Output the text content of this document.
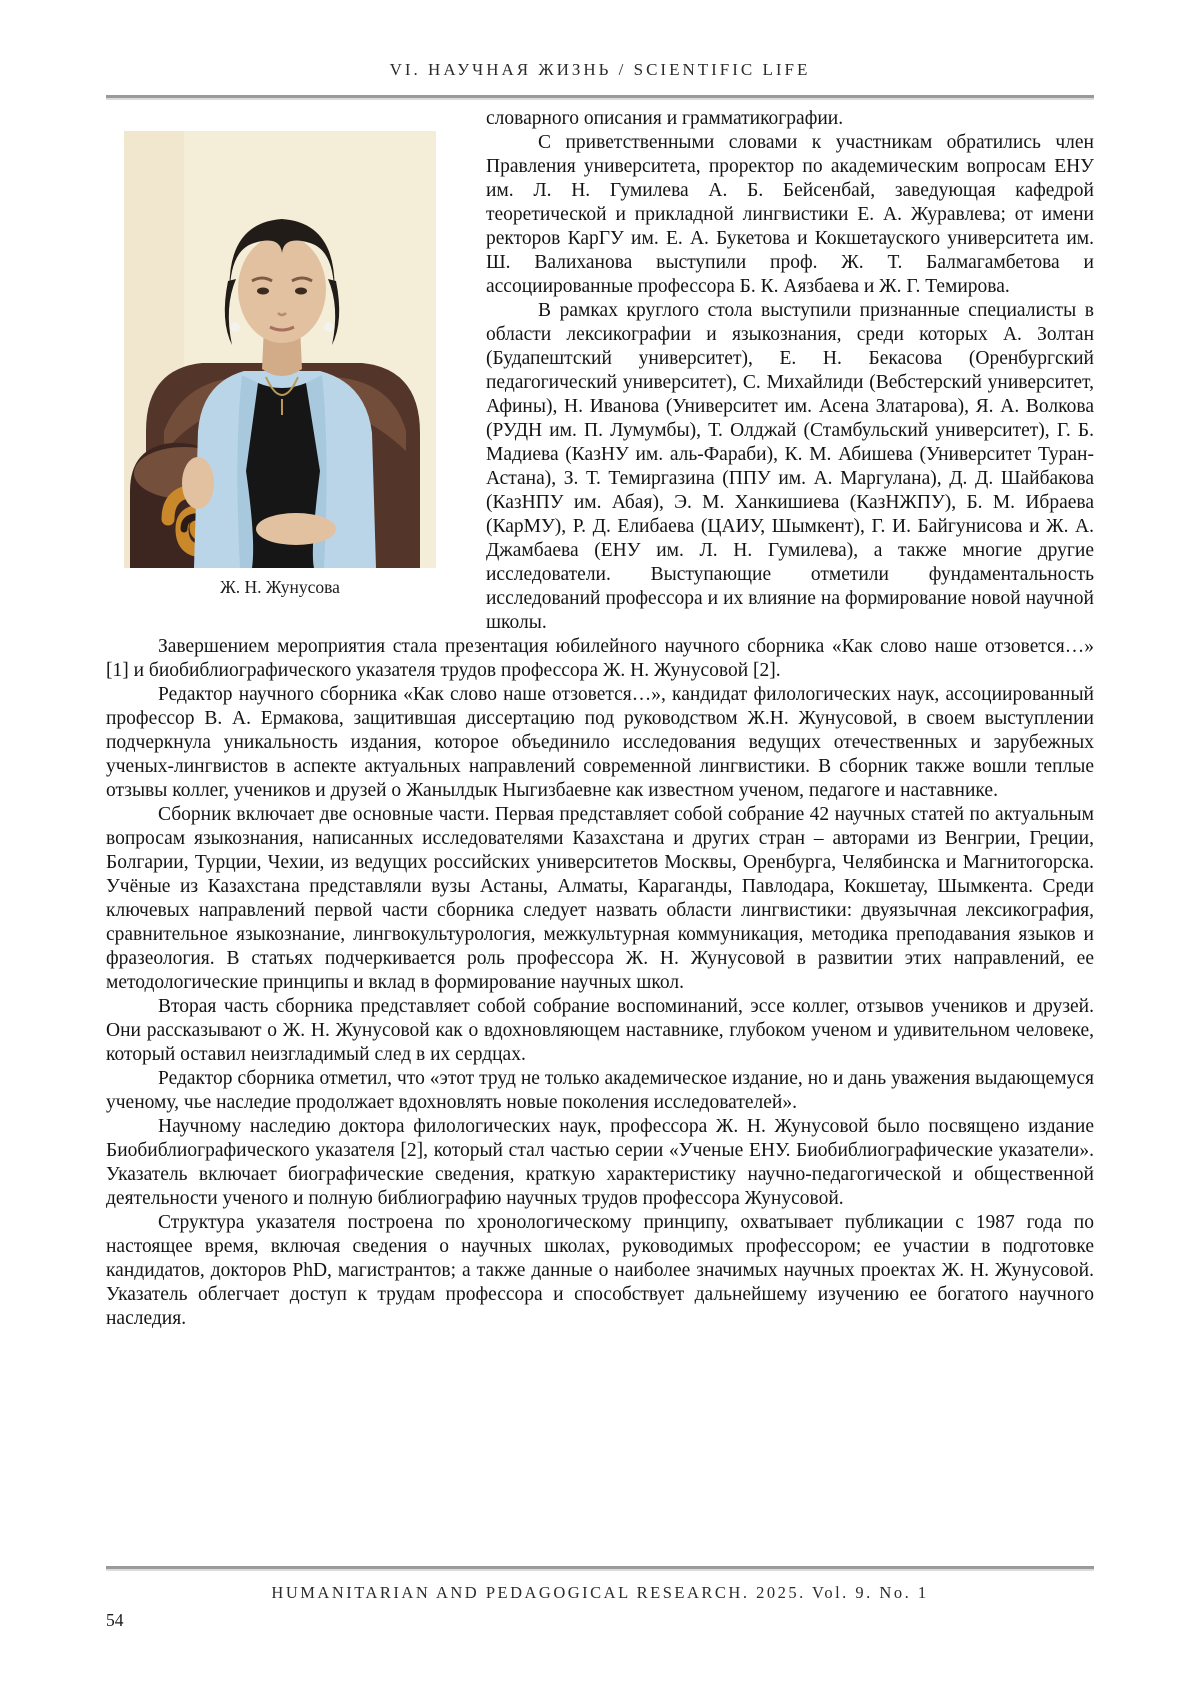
VI. НАУЧНАЯ ЖИЗНЬ / SCIENTIFIC LIFE
Ж. Н. Жунусова

словарного описания и грамматикографии.

С приветственными словами к участникам обратились член Правления университета, проректор по академическим вопросам ЕНУ им. Л. Н. Гумилева А. Б. Бейсенбай, заведующая кафедрой теоретической и прикладной лингвистики Е. А. Журавлева; от имени ректоров КарГУ им. Е. А. Букетова и Кокшетауского университета им. Ш. Валиханова выступили проф. Ж. Т. Балмагамбетова и ассоциированные профессора Б. К. Аязбаева и Ж. Г. Темирова.

В рамках круглого стола выступили признанные специалисты в области лексикографии и языкознания, среди которых А. Золтан (Будапештский университет), Е. Н. Бекасова (Оренбургский педагогический университет), С. Михайлиди (Вебстерский университет, Афины), Н. Иванова (Университет им. Асена Златарова), Я. А. Волкова (РУДН им. П. Лумумбы), Т. Олджай (Стамбульский университет), Г. Б. Мадиева (КазНУ им. аль-Фараби), К. М. Абишева (Университет Туран-Астана), З. Т. Темиргазина (ППУ им. А. Маргулана), Д. Д. Шайбакова (КазНПУ им. Абая), Э. М. Ханкишиева (КазНЖПУ), Б. М. Ибраева (КарМУ), Р. Д. Елибаева (ЦАИУ, Шымкент), Г. И. Байгунисова и Ж. А. Джамбаева (ЕНУ им. Л. Н. Гумилева), а также многие другие исследователи. Выступающие отметили фундаментальность исследований профессора и их влияние на формирование новой научной школы.

Завершением мероприятия стала презентация юбилейного научного сборника «Как слово наше отзовется…» [1] и биобиблиографического указателя трудов профессора Ж. Н. Жунусовой [2].

Редактор научного сборника «Как слово наше отзовется…», кандидат филологических наук, ассоциированный профессор В. А. Ермакова, защитившая диссертацию под руководством Ж.Н. Жунусовой, в своем выступлении подчеркнула уникальность издания, которое объединило исследования ведущих отечественных и зарубежных ученых-лингвистов в аспекте актуальных направлений современной лингвистики. В сборник также вошли теплые отзывы коллег, учеников и друзей о Жанылдык Ныгизбаевне как известном ученом, педагоге и наставнике.

Сборник включает две основные части. Первая представляет собой собрание 42 научных статей по актуальным вопросам языкознания, написанных исследователями Казахстана и других стран – авторами из Венгрии, Греции, Болгарии, Турции, Чехии, из ведущих российских университетов Москвы, Оренбурга, Челябинска и Магнитогорска. Учёные из Казахстана представляли вузы Астаны, Алматы, Караганды, Павлодара, Кокшетау, Шымкента. Среди ключевых направлений первой части сборника следует назвать области лингвистики: двуязычная лексикография, сравнительное языкознание, лингвокультурология, межкультурная коммуникация, методика преподавания языков и фразеология. В статьях подчеркивается роль профессора Ж. Н. Жунусовой в развитии этих направлений, ее методологические принципы и вклад в формирование научных школ.

Вторая часть сборника представляет собой собрание воспоминаний, эссе коллег, отзывов учеников и друзей. Они рассказывают о Ж. Н. Жунусовой как о вдохновляющем наставнике, глубоком ученом и удивительном человеке, который оставил неизгладимый след в их сердцах.

Редактор сборника отметил, что «этот труд не только академическое издание, но и дань уважения выдающемуся ученому, чье наследие продолжает вдохновлять новые поколения исследователей».

Научному наследию доктора филологических наук, профессора Ж. Н. Жунусовой было посвящено издание Биобиблиографического указателя [2], который стал частью серии «Ученые ЕНУ. Биобиблиографические указатели». Указатель включает биографические сведения, краткую характеристику научно-педагогической и общественной деятельности ученого и полную библиографию научных трудов профессора Жунусовой.

Структура указателя построена по хронологическому принципу, охватывает публикации с 1987 года по настоящее время, включая сведения о научных школах, руководимых профессором; ее участии в подготовке кандидатов, докторов PhD, магистрантов; а также данные о наиболее значимых научных проектах Ж. Н. Жунусовой. Указатель облегчает доступ к трудам профессора и способствует дальнейшему изучению ее богатого научного наследия.

HUMANITARIAN AND PEDAGOGICAL RESEARCH. 2025. Vol. 9. No. 1
54
